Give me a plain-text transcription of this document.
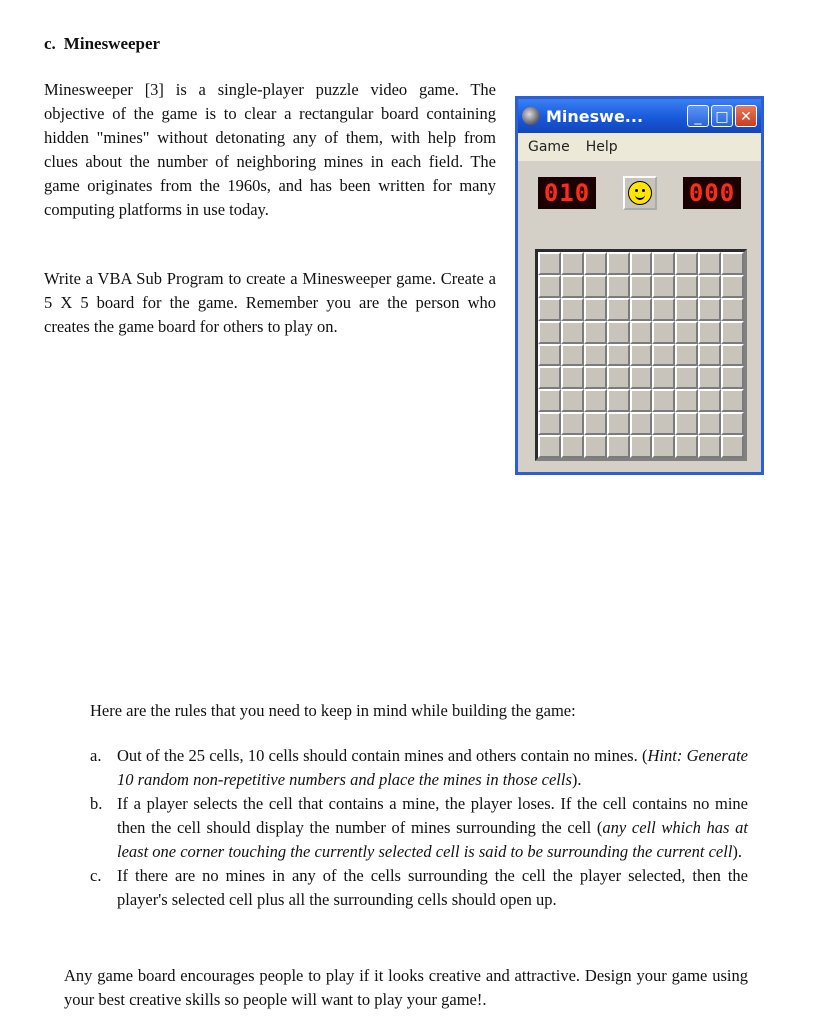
c. Minesweeper

Minesweeper [3] is a single-player puzzle video game. The objective of the game is to clear a rectangular board containing hidden "mines" without detonating any of them, with help from clues about the number of neighboring mines in each field. The game originates from the 1960s, and has been written for many computing platforms in use today.

Write a VBA Sub Program to create a Minesweeper game. Create a 5 X 5 board for the game. Remember you are the person who creates the game board for others to play on.

Mineswe...	_ □ ✕
Game Help
010	000

Here are the rules that you need to keep in mind while building the game:

a. Out of the 25 cells, 10 cells should contain mines and others contain no mines. (Hint: Generate 10 random non-repetitive numbers and place the mines in those cells).
b. If a player selects the cell that contains a mine, the player loses. If the cell contains no mine then the cell should display the number of mines surrounding the cell (any cell which has at least one corner touching the currently selected cell is said to be surrounding the current cell).
c. If there are no mines in any of the cells surrounding the cell the player selected, then the player's selected cell plus all the surrounding cells should open up.

Any game board encourages people to play if it looks creative and attractive. Design your game using your best creative skills so people will want to play your game!.
